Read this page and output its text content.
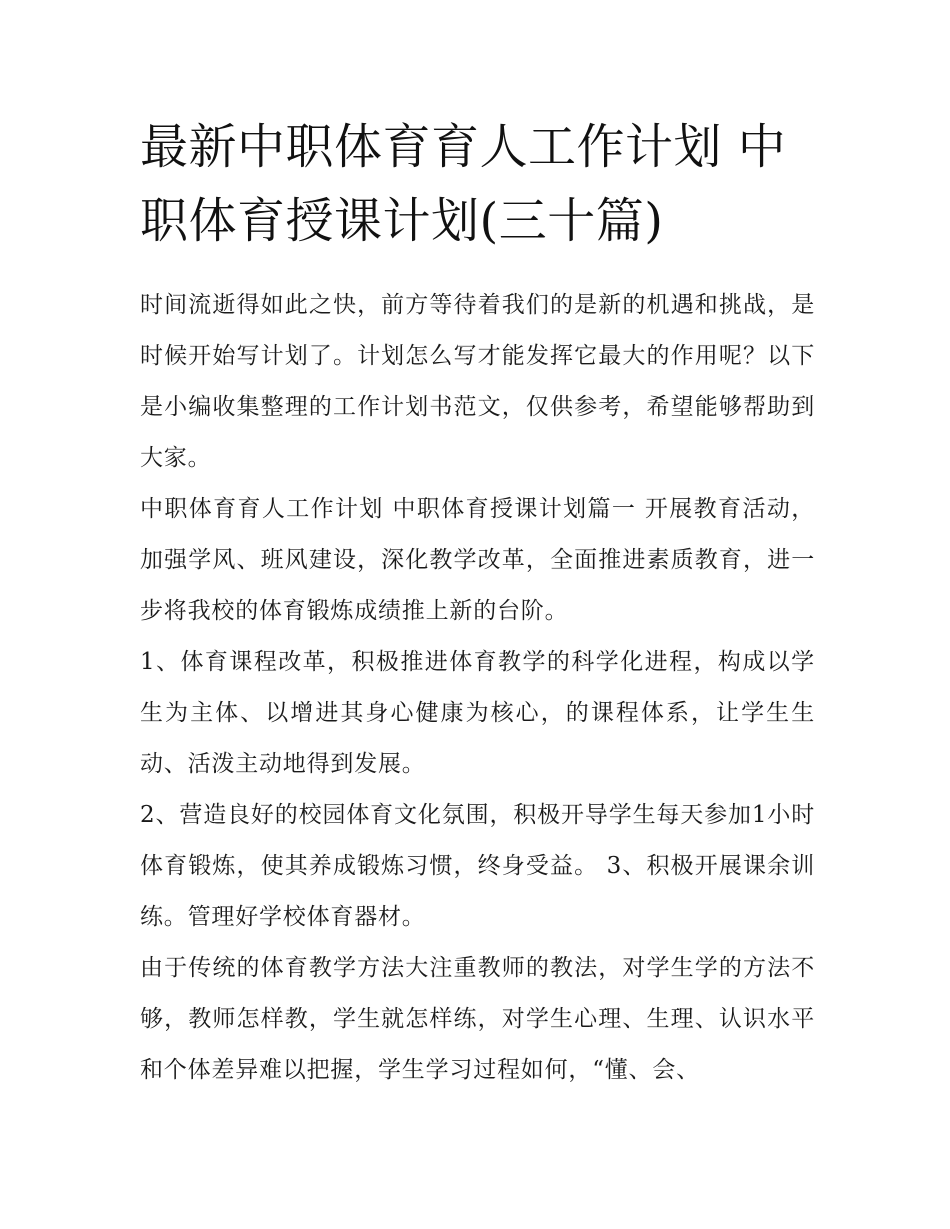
最新中职体育育人工作计划 中职体育授课计划(三十篇)

时间流逝得如此之快，前方等待着我们的是新的机遇和挑战，是时候开始写计划了。计划怎么写才能发挥它最大的作用呢？以下是小编收集整理的工作计划书范文，仅供参考，希望能够帮助到大家。

中职体育育人工作计划 中职体育授课计划篇一 开展教育活动，加强学风、班风建设，深化教学改革，全面推进素质教育，进一步将我校的体育锻炼成绩推上新的台阶。

1、体育课程改革，积极推进体育教学的科学化进程，构成以学生为主体、以增进其身心健康为核心，的课程体系，让学生生动、活泼主动地得到发展。

2、营造良好的校园体育文化氛围，积极开导学生每天参加1小时体育锻炼，使其养成锻炼习惯，终身受益。 3、积极开展课余训练。管理好学校体育器材。

由于传统的体育教学方法大注重教师的教法，对学生学的方法不够，教师怎样教，学生就怎样练，对学生心理、生理、认识水平和个体差异难以把握，学生学习过程如何，“懂、会、
